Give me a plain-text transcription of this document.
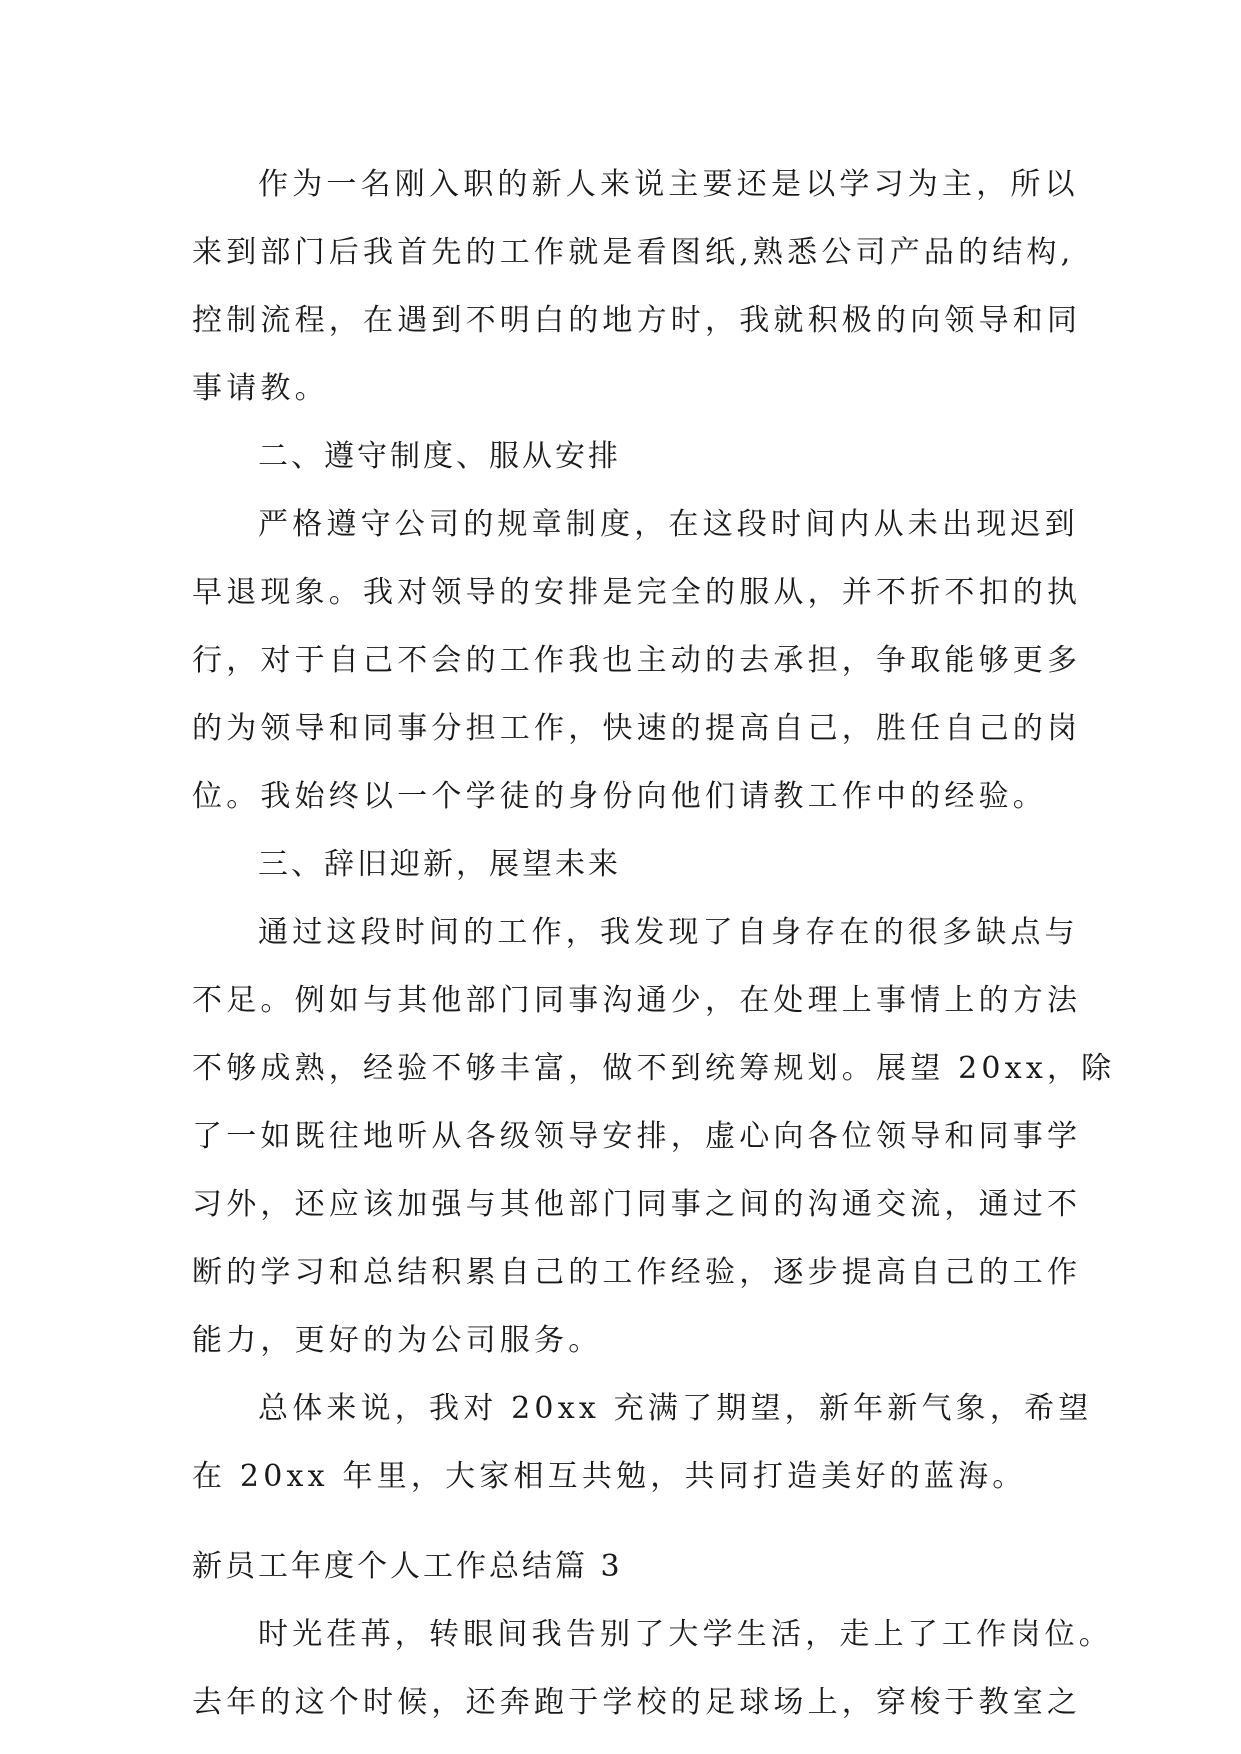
作为一名刚入职的新人来说主要还是以学习为主，所以
来到部门后我首先的工作就是看图纸,熟悉公司产品的结构,
控制流程，在遇到不明白的地方时，我就积极的向领导和同
事请教。
二、遵守制度、服从安排
严格遵守公司的规章制度，在这段时间内从未出现迟到
早退现象。我对领导的安排是完全的服从，并不折不扣的执
行，对于自己不会的工作我也主动的去承担，争取能够更多
的为领导和同事分担工作，快速的提高自己，胜任自己的岗
位。我始终以一个学徒的身份向他们请教工作中的经验。
三、辞旧迎新，展望未来
通过这段时间的工作，我发现了自身存在的很多缺点与
不足。例如与其他部门同事沟通少，在处理上事情上的方法
不够成熟，经验不够丰富，做不到统筹规划。展望 20xx，除
了一如既往地听从各级领导安排，虚心向各位领导和同事学
习外，还应该加强与其他部门同事之间的沟通交流，通过不
断的学习和总结积累自己的工作经验，逐步提高自己的工作
能力，更好的为公司服务。
总体来说，我对 20xx 充满了期望，新年新气象，希望
在 20xx 年里，大家相互共勉，共同打造美好的蓝海。
新员工年度个人工作总结篇 3
时光荏苒，转眼间我告别了大学生活，走上了工作岗位。
去年的这个时候，还奔跑于学校的足球场上，穿梭于教室之
